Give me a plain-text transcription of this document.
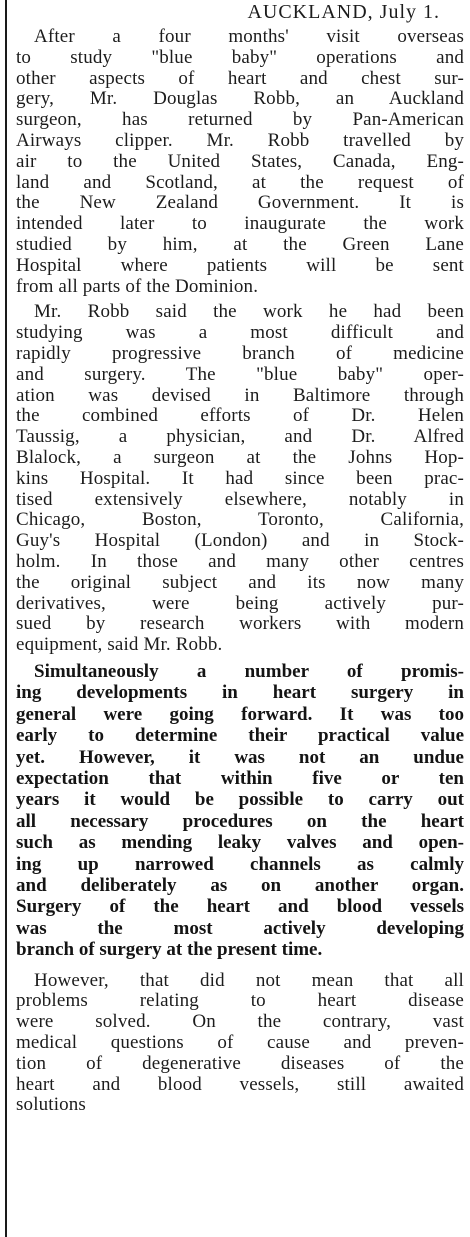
AUCKLAND, July 1.
After a four months' visit overseas
to study "blue baby" operations and
other aspects of heart and chest sur-
gery, Mr. Douglas Robb, an Auckland
surgeon, has returned by Pan-American
Airways clipper. Mr. Robb travelled by
air to the United States, Canada, Eng-
land and Scotland, at the request of
the New Zealand Government. It is
intended later to inaugurate the work
studied by him, at the Green Lane
Hospital where patients will be sent
from all parts of the Dominion.
Mr. Robb said the work he had been
studying was a most difficult and
rapidly progressive branch of medicine
and surgery. The "blue baby" oper-
ation was devised in Baltimore through
the combined efforts of Dr. Helen
Taussig, a physician, and Dr. Alfred
Blalock, a surgeon at the Johns Hop-
kins Hospital. It had since been prac-
tised extensively elsewhere, notably in
Chicago, Boston, Toronto, California,
Guy's Hospital (London) and in Stock-
holm. In those and many other centres
the original subject and its now many
derivatives, were being actively pur-
sued by research workers with modern
equipment, said Mr. Robb.
Simultaneously a number of promis-
ing developments in heart surgery in
general were going forward. It was too
early to determine their practical value
yet. However, it was not an undue
expectation that within five or ten
years it would be possible to carry out
all necessary procedures on the heart
such as mending leaky valves and open-
ing up narrowed channels as calmly
and deliberately as on another organ.
Surgery of the heart and blood vessels
was the most actively developing
branch of surgery at the present time.
However, that did not mean that all
problems relating to heart disease
were solved. On the contrary, vast
medical questions of cause and preven-
tion of degenerative diseases of the
heart and blood vessels, still awaited
solutions
